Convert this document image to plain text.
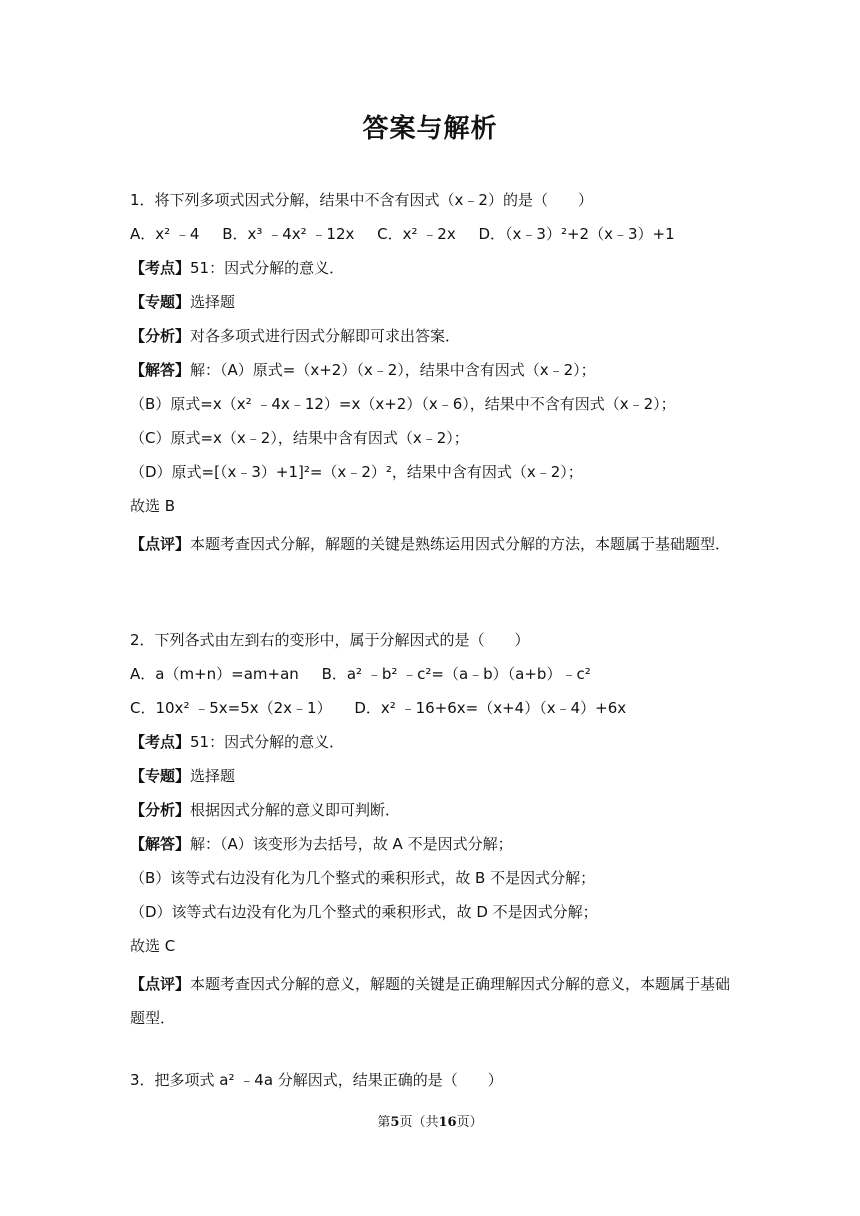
答案与解析
1．将下列多项式因式分解，结果中不含有因式（x﹣2）的是（　　）
A．x² ﹣4 B．x³ ﹣4x² ﹣12x C．x² ﹣2x D．（x﹣3）²+2（x﹣3）+1
【考点】51：因式分解的意义．
【专题】选择题
【分析】对各多项式进行因式分解即可求出答案．
【解答】解：（A）原式=（x+2）（x﹣2），结果中含有因式（x﹣2）；
（B）原式=x（x² ﹣4x﹣12）=x（x+2）（x﹣6），结果中不含有因式（x﹣2）；
（C）原式=x（x﹣2），结果中含有因式（x﹣2）；
（D）原式=[（x﹣3）+1]²=（x﹣2）²，结果中含有因式（x﹣2）；
故选 B
【点评】本题考查因式分解，解题的关键是熟练运用因式分解的方法，本题属于基础题型．
2．下列各式由左到右的变形中，属于分解因式的是（　　）
A．a（m+n）=am+an B．a² ﹣b² ﹣c²=（a﹣b）（a+b）﹣c²
C．10x² ﹣5x=5x（2x﹣1） D．x² ﹣16+6x=（x+4）（x﹣4）+6x
【考点】51：因式分解的意义．
【专题】选择题
【分析】根据因式分解的意义即可判断．
【解答】解：（A）该变形为去括号，故 A 不是因式分解；
（B）该等式右边没有化为几个整式的乘积形式，故 B 不是因式分解；
（D）该等式右边没有化为几个整式的乘积形式，故 D 不是因式分解；
故选 C
【点评】本题考查因式分解的意义，解题的关键是正确理解因式分解的意义，本题属于基础题型．
3．把多项式 a² ﹣4a 分解因式，结果正确的是（　　）
第5页（共16页）
